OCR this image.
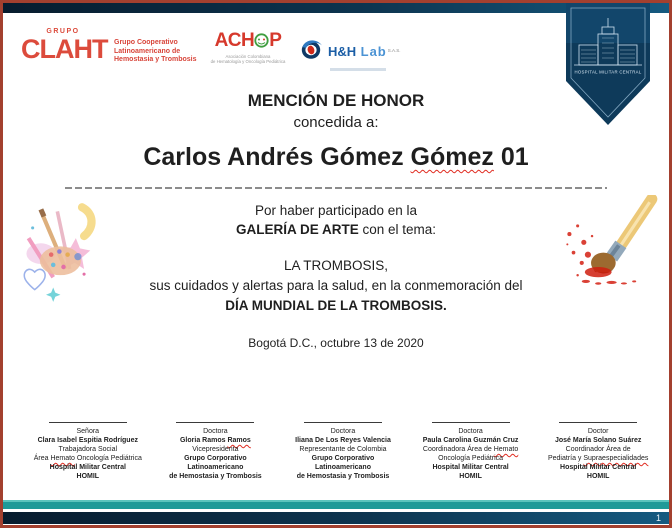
GRUPO
CLAHT Grupo Cooperativo
Latinoamericano de
Hemostasia y Trombosis
ACH P
Asociación Colombiana
de Hematología y Oncología Pediátrica
H&H Lab$^{S.A.S.}$
HOSPITAL MILITAR CENTRAL
MENCIÓN DE HONOR
concedida a:
Carlos Andrés Gómez Gómez 01
Por haber participado en la
GALERÍA DE ARTE con el tema:
LA TROMBOSIS,
sus cuidados y alertas para la salud, en la conmemoración del
DÍA MUNDIAL DE LA TROMBOSIS.
Bogotá D.C., octubre 13 de 2020
Señora
Clara Isabel Espitia Rodríguez
Trabajadora Social
Área Hemato Oncología Pediátrica
Hospital Militar Central
HOMIL
Doctora
Gloria Ramos Ramos
Vicepresidenta
Grupo Corporativo
Latinoamericano
de Hemostasia y Trombosis
Doctora
Iliana De Los Reyes Valencia
Representante de Colombia
Grupo Corporativo
Latinoamericano
de Hemostasia y Trombosis
Doctora
Paula Carolina Guzmán Cruz
Coordinadora Área de Hemato
Oncología Pediátrica
Hospital Militar Central
HOMIL
Doctor
José María Solano Suárez
Coordinador Área de
Pediatría y Supraespecialidades
Hospital Militar Central
HOMIL
1
